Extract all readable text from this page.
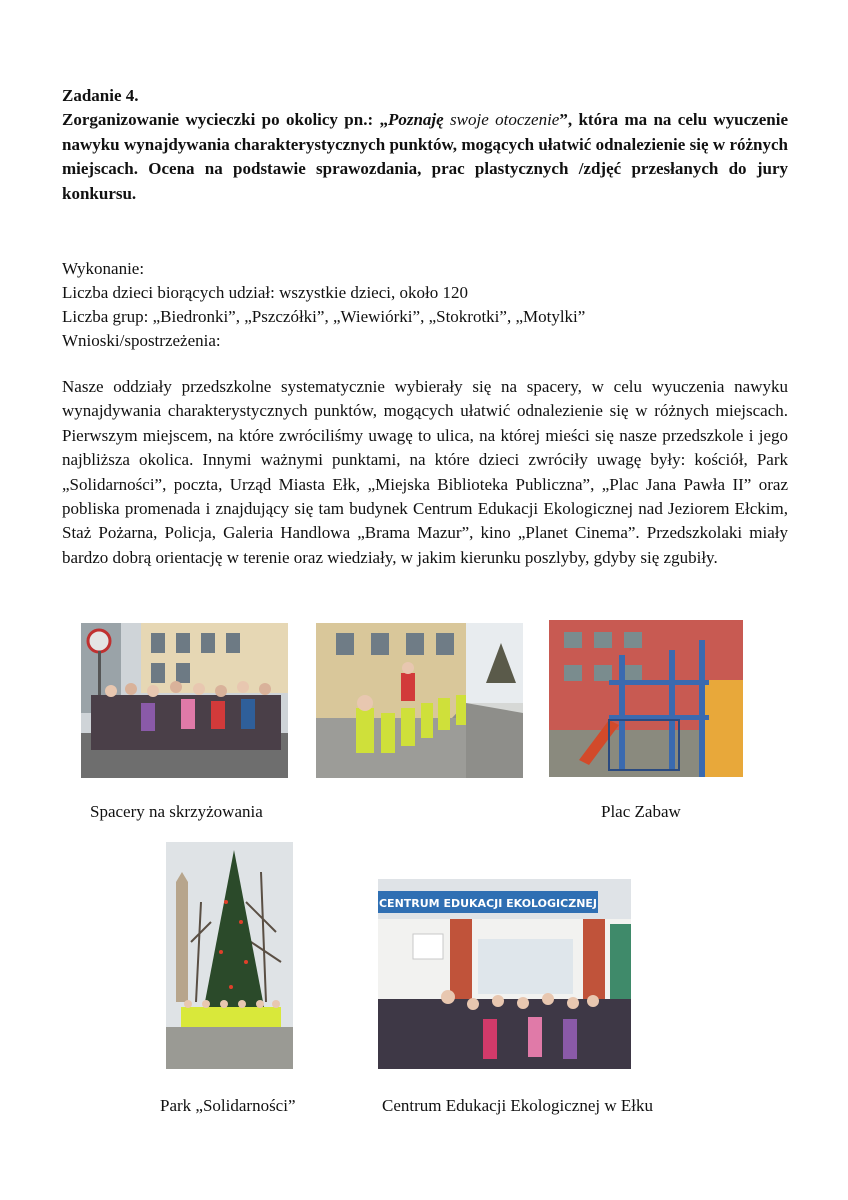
Zadanie 4.
Zorganizowanie wycieczki po okolicy pn.: „Poznaję swoje otoczenie”, która ma na celu wyuczenie nawyku wynajdywania charakterystycznych punktów, mogących ułatwić odnalezienie się w różnych miejscach. Ocena na podstawie sprawozdania, prac plastycznych /zdjęć przesłanych do jury konkursu.
Wykonanie:
Liczba dzieci biorących udział: wszystkie dzieci, około 120
Liczba grup: „Biedronki”, „Pszczółki”, „Wiewiórki”, „Stokrotki”, „Motylki”
Wnioski/spostrzeżenia:
Nasze oddziały przedszkolne systematycznie wybierały się na spacery, w celu wyuczenia nawyku wynajdywania charakterystycznych punktów, mogących ułatwić odnalezienie się w różnych miejscach. Pierwszym miejscem, na które zwróciliśmy uwagę to ulica, na której mieści się nasze przedszkole i jego najbliższa okolica. Innymi ważnymi punktami, na które dzieci zwróciły uwagę były: kościół, Park „Solidarności”, poczta, Urząd Miasta Ełk, „Miejska Biblioteka Publiczna”, „Plac Jana Pawła II” oraz pobliska promenada i znajdujący się tam budynek Centrum Edukacji Ekologicznej nad Jeziorem Ełckim, Staż Pożarna, Policja, Galeria Handlowa „Brama Mazur”, kino „Planet Cinema”. Przedszkolaki miały bardzo dobrą orientację w terenie oraz wiedziały, w jakim kierunku poszlyby, gdyby się zgubiły.
Spacery na skrzyżowania	Plac Zabaw
CENTRUM EDUKACJI EKOLOGICZNEJ
Park „Solidarności”	Centrum Edukacji Ekologicznej w Ełku
